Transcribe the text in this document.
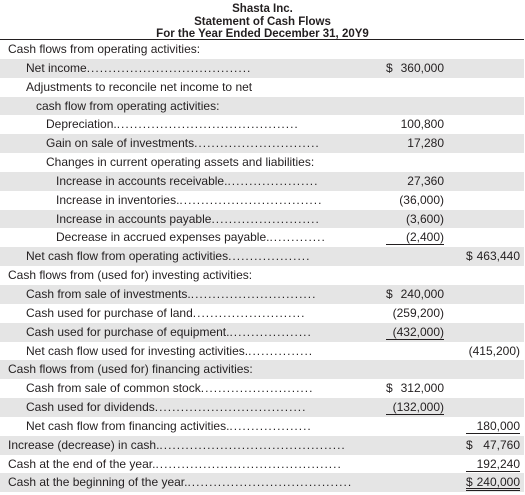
Shasta Inc.
Statement of Cash Flows
For the Year Ended December 31, 20Y9
Cash flows from operating activities:
Net income......................................	$ 360,000
Adjustments to reconcile net income to net
cash flow from operating activities:
Depreciation...........................................	100,800
Gain on sale of investments.............................	17,280
Changes in current operating assets and liabilities:
Increase in accounts receivable......................	27,360
Increase in inventories..................................	(36,000)
Increase in accounts payable.........................	(3,600)
Decrease in accrued expenses payable..............	(2,400)
Net cash flow from operating activities...................	$ 463,440
Cash flows from (used for) investing activities:
Cash from sale of investments..............................	$ 240,000
Cash used for purchase of land..........................	(259,200)
Cash used for purchase of equipment....................	(432,000)
Net cash flow used for investing activities................	(415,200)
Cash flows from (used for) financing activities:
Cash from sale of common stock..........................	$ 312,000
Cash used for dividends...................................	(132,000)
Net cash flow from financing activities....................	180,000
Increase (decrease) in cash............................................	$ 47,760
Cash at the end of the year............................................	192,240
Cash at the beginning of the year.......................................	$ 240,000
